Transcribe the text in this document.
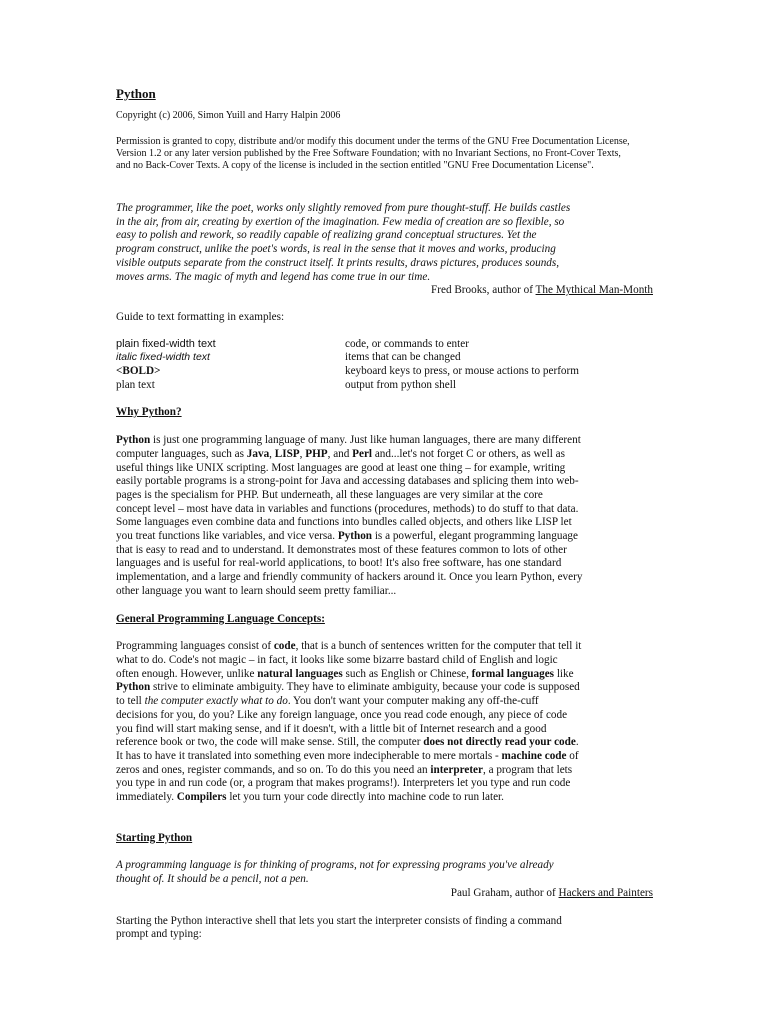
Python

Copyright (c) 2006, Simon Yuill and Harry Halpin 2006

Permission is granted to copy, distribute and/or modify this document under the terms of the GNU Free Documentation License,
Version 1.2 or any later version published by the Free Software Foundation; with no Invariant Sections, no Front-Cover Texts,
and no Back-Cover Texts. A copy of the license is included in the section entitled "GNU Free Documentation License".

The programmer, like the poet, works only slightly removed from pure thought-stuff. He builds castles
in the air, from air, creating by exertion of the imagination. Few media of creation are so flexible, so
easy to polish and rework, so readily capable of realizing grand conceptual structures. Yet the
program construct, unlike the poet's words, is real in the sense that it moves and works, producing
visible outputs separate from the construct itself. It prints results, draws pictures, produces sounds,
moves arms. The magic of myth and legend has come true in our time.

Fred Brooks, author of The Mythical Man-Month

Guide to text formatting in examples:

plain fixed-width text	code, or commands to enter
italic fixed-width text	items that can be changed
<BOLD>	keyboard keys to press, or mouse actions to perform
plan text	output from python shell

Why Python?

Python is just one programming language of many. Just like human languages, there are many different
computer languages, such as Java, LISP, PHP, and Perl and...let's not forget C or others, as well as
useful things like UNIX scripting. Most languages are good at least one thing – for example, writing
easily portable programs is a strong-point for Java and accessing databases and splicing them into web-
pages is the specialism for PHP. But underneath, all these languages are very similar at the core
concept level – most have data in variables and functions (procedures, methods) to do stuff to that data.
Some languages even combine data and functions into bundles called objects, and others like LISP let
you treat functions like variables, and vice versa. Python is a powerful, elegant programming language
that is easy to read and to understand. It demonstrates most of these features common to lots of other
languages and is useful for real-world applications, to boot! It's also free software, has one standard
implementation, and a large and friendly community of hackers around it. Once you learn Python, every
other language you want to learn should seem pretty familiar...

General Programming Language Concepts:

Programming languages consist of code, that is a bunch of sentences written for the computer that tell it
what to do. Code's not magic – in fact, it looks like some bizarre bastard child of English and logic
often enough. However, unlike natural languages such as English or Chinese, formal languages like
Python strive to eliminate ambiguity. They have to eliminate ambiguity, because your code is supposed
to tell the computer exactly what to do. You don't want your computer making any off-the-cuff
decisions for you, do you? Like any foreign language, once you read code enough, any piece of code
you find will start making sense, and if it doesn't, with a little bit of Internet research and a good
reference book or two, the code will make sense. Still, the computer does not directly read your code.
It has to have it translated into something even more indecipherable to mere mortals - machine code of
zeros and ones, register commands, and so on. To do this you need an interpreter, a program that lets
you type in and run code (or, a program that makes programs!). Interpreters let you type and run code
immediately. Compilers let you turn your code directly into machine code to run later.

Starting Python

A programming language is for thinking of programs, not for expressing programs you've already
thought of. It should be a pencil, not a pen.

Paul Graham, author of Hackers and Painters

Starting the Python interactive shell that lets you start the interpreter consists of finding a command
prompt and typing:
